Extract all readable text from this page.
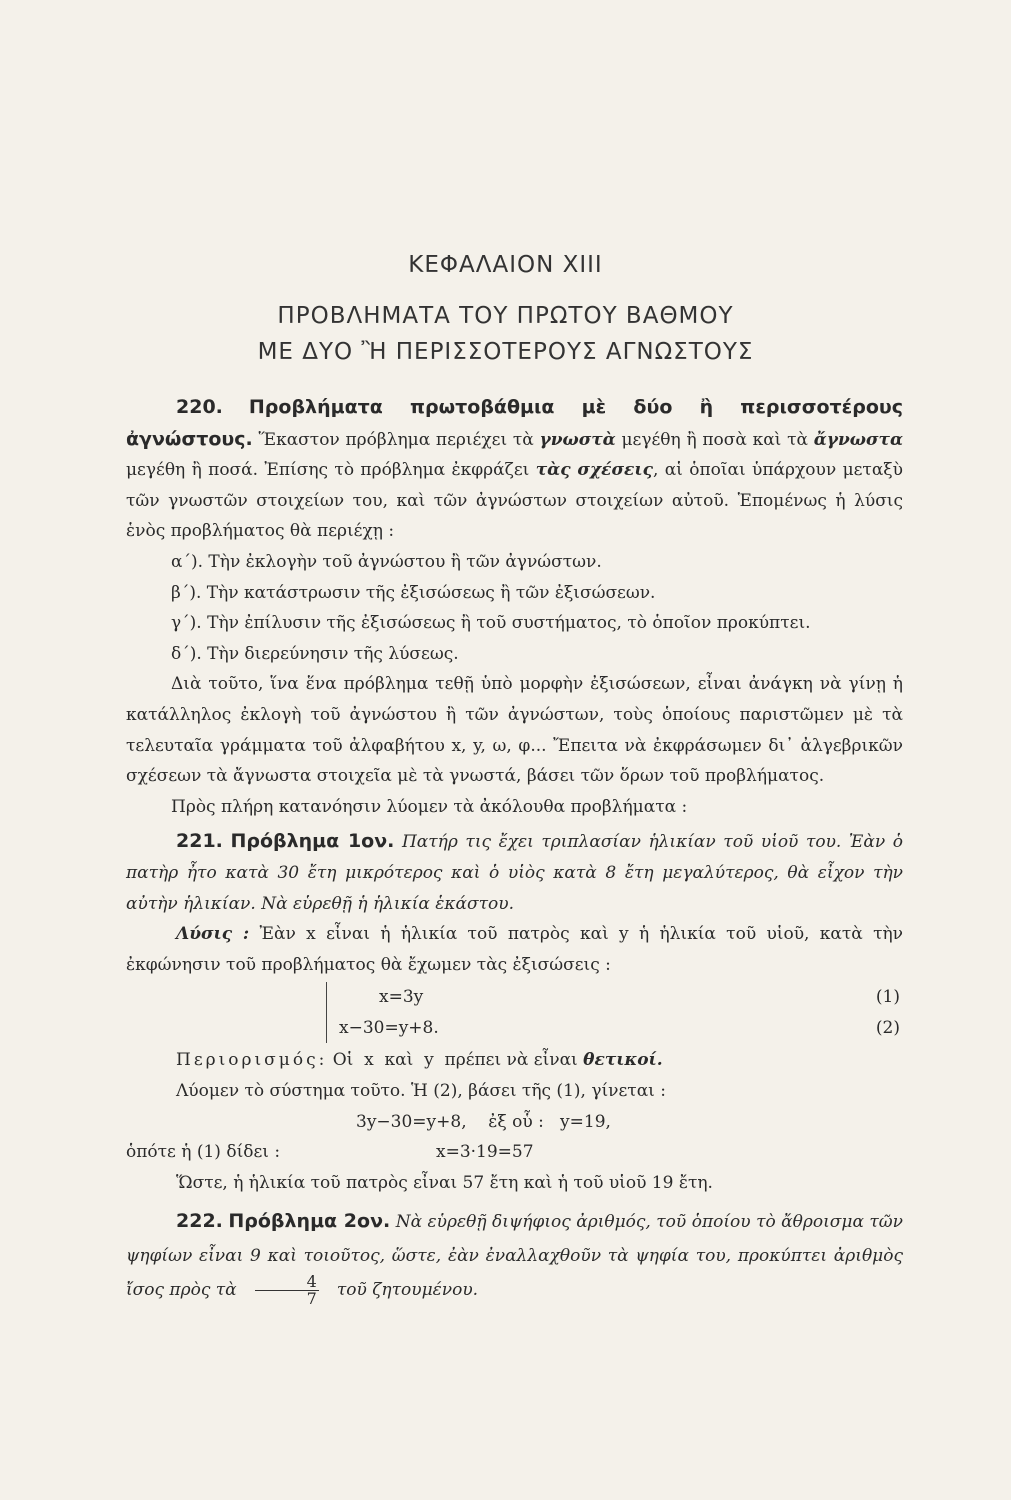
ΚΕΦΑΛΑΙΟΝ XIII
ΠΡΟΒΛΗΜΑΤΑ ΤΟΥ ΠΡΩΤΟΥ ΒΑΘΜΟΥ
ΜΕ ΔΥΟ Ἢ ΠΕΡΙΣΣΟΤΕΡΟΥΣ ΑΓΝΩΣΤΟΥΣ

220. Προβλήματα πρωτοβάθμια μὲ δύο ἢ περισσοτέρους ἀγνώστους. Ἕκαστον πρόβλημα περιέχει τὰ γνωστὰ μεγέθη ἢ ποσὰ καὶ τὰ ἄγνωστα μεγέθη ἢ ποσά. Ἐπίσης τὸ πρόβλημα ἐκφράζει τὰς σχέσεις, αἱ ὁποῖαι ὑπάρχουν μεταξὺ τῶν γνωστῶν στοιχείων του, καὶ τῶν ἀγνώστων στοιχείων αὐτοῦ. Ἑπομένως ἡ λύσις ἑνὸς προβλήματος θὰ περιέχῃ :

α΄). Τὴν ἐκλογὴν τοῦ ἀγνώστου ἢ τῶν ἀγνώστων.

β΄). Τὴν κατάστρωσιν τῆς ἐξισώσεως ἢ τῶν ἐξισώσεων.

γ΄). Τὴν ἐπίλυσιν τῆς ἐξισώσεως ἢ τοῦ συστήματος, τὸ ὁποῖον προκύπτει.

δ΄). Τὴν διερεύνησιν τῆς λύσεως.

Διὰ τοῦτο, ἵνα ἕνα πρόβλημα τεθῇ ὑπὸ μορφὴν ἐξισώσεων, εἶναι ἀνάγκη νὰ γίνῃ ἡ κατάλληλος ἐκλογὴ τοῦ ἀγνώστου ἢ τῶν ἀγνώστων, τοὺς ὁποίους παριστῶμεν μὲ τὰ τελευταῖα γράμματα τοῦ ἀλφαβήτου x, y, ω, φ... Ἔπειτα νὰ ἐκφράσωμεν δι᾽ ἀλγεβρικῶν σχέσεων τὰ ἄγνωστα στοιχεῖα μὲ τὰ γνωστά, βάσει τῶν ὅρων τοῦ προβλήματος.

Πρὸς πλήρη κατανόησιν λύομεν τὰ ἀκόλουθα προβλήματα :

221. Πρόβλημα 1ον. Πατήρ τις ἔχει τριπλασίαν ἡλικίαν τοῦ υἱοῦ του. Ἐὰν ὁ πατὴρ ἦτο κατὰ 30 ἔτη μικρότερος καὶ ὁ υἱὸς κατὰ 8 ἔτη μεγαλύτερος, θὰ εἶχον τὴν αὐτὴν ἡλικίαν. Νὰ εὑρεθῇ ἡ ἡλικία ἑκάστου.

Λύσις : Ἐὰν x εἶναι ἡ ἡλικία τοῦ πατρὸς καὶ y ἡ ἡλικία τοῦ υἱοῦ, κατὰ τὴν ἐκφώνησιν τοῦ προβλήματος θὰ ἔχωμεν τὰς ἐξισώσεις :

x=3y	(1)
x−30=y+8.	(2)

Περιορισμός: Οἱ  x  καὶ  y  πρέπει νὰ εἶναι θετικοί.

Λύομεν τὸ σύστημα τοῦτο. Ἡ (2), βάσει τῆς (1), γίνεται :

3y−30=y+8, ἐξ οὗ : y=19,

ὁπότε ἡ (1) δίδει :	x=3·19=57

Ὥστε, ἡ ἡλικία τοῦ πατρὸς εἶναι 57 ἔτη καὶ ἡ τοῦ υἱοῦ 19 ἔτη.

222. Πρόβλημα 2ον. Νὰ εὑρεθῇ διψήφιος ἀριθμός, τοῦ ὁποίου τὸ ἄθροισμα τῶν ψηφίων εἶναι 9 καὶ τοιοῦτος, ὥστε, ἐὰν ἐναλλαχθοῦν τὰ ψηφία του, προκύπτει ἀριθμὸς ἴσος πρὸς τὰ $\frac{4}{7}$ τοῦ ζητουμένου.
